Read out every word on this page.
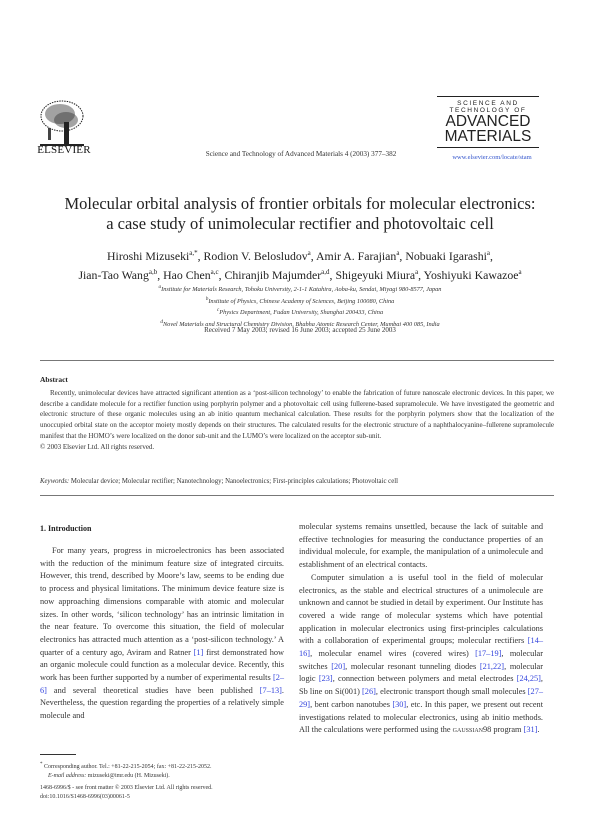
ELSEVIER	Science and Technology of Advanced Materials 4 (2003) 377–382
SCIENCE AND
TECHNOLOGY OF
ADVANCED
MATERIALS
www.elsevier.com/locate/stam
Molecular orbital analysis of frontier orbitals for molecular electronics:
a case study of unimolecular rectifier and photovoltaic cell
Hiroshi Mizuseki$^{a,*}$, Rodion V. Belosludov$^a$, Amir A. Farajian$^a$, Nobuaki Igarashi$^a$,
Jian-Tao Wang$^{a,b}$, Hao Chen$^{a,c}$, Chiranjib Majumder$^{a,d}$, Shigeyuki Miura$^a$, Yoshiyuki Kawazoe$^a$
$^a$Institute for Materials Research, Tohoku University, 2-1-1 Katahira, Aoba-ku, Sendai, Miyagi 980-8577, Japan
$^b$Institute of Physics, Chinese Academy of Sciences, Beijing 100080, China
$^c$Physics Department, Fudan University, Shanghai 200433, China
$^d$Novel Materials and Structural Chemistry Division, Bhabha Atomic Research Center, Mumbai 400 085, India
Received 7 May 2003; revised 16 June 2003; accepted 25 June 2003
Abstract
Recently, unimolecular devices have attracted significant attention as a ‘post-silicon technology’ to enable the fabrication of future nanoscale electronic devices. In this paper, we describe a candidate molecule for a rectifier function using porphyrin polymer and a photovoltaic cell using fullerene-based supramolecule. We have investigated the geometric and electronic structure of these organic molecules using an ab initio quantum mechanical calculation. These results for the porphyrin polymers show that the localization of the unoccupied orbital state on the acceptor moiety mostly depends on their structures. The calculated results for the electronic structure of a naphthalocyanine–fullerene supramolecule manifest that the HOMO’s were localized on the donor sub-unit and the LUMO’s were localized on the acceptor sub-unit.
© 2003 Elsevier Ltd. All rights reserved.
Keywords: Molecular device; Molecular rectifier; Nanotechnology; Nanoelectronics; First-principles calculations; Photovoltaic cell
1. Introduction
For many years, progress in microelectronics has been associated with the reduction of the minimum feature size of integrated circuits. However, this trend, described by Moore’s law, seems to be ending due to process and physical limitations. The minimum device feature size is now approaching dimensions comparable with atomic and molecular sizes. In other words, ‘silicon technology’ has an intrinsic limitation in the near feature. To overcome this situation, the field of molecular electronics has attracted much attention as a ‘post-silicon technology.’ A quarter of a century ago, Aviram and Ratner [1] first demonstrated how an organic molecule could function as a molecular device. Recently, this work has been further supported by a number of experimental results [2–6] and several theoretical studies have been published [7–13]. Nevertheless, the question regarding the properties of a relatively simple molecule and
molecular systems remains unsettled, because the lack of suitable and effective technologies for measuring the conductance properties of an individual molecule, for example, the manipulation of a unimolecule and establishment of an electrical contacts.
Computer simulation a is useful tool in the field of molecular electronics, as the stable and electrical structures of a unimolecule are unknown and cannot be studied in detail by experiment. Our Institute has covered a wide range of molecular systems which have potential application in molecular electronics using first-principles calculations with a collaboration of experimental groups; molecular rectifiers [14–16], molecular enamel wires (covered wires) [17–19], molecular switches [20], molecular resonant tunneling diodes [21,22], molecular logic [23], connection between polymers and metal electrodes [24,25], Sb line on Si(001) [26], electronic transport though small molecules [27–29], bent carbon nanotubes [30], etc. In this paper, we present out recent investigations related to molecular electronics, using ab initio methods. All the calculations were performed using the gaussian98 program [31].
* Corresponding author. Tel.: +81-22-215-2054; fax: +81-22-215-2052.
E-mail address: mizuseki@imr.edu (H. Mizuseki).
1468-6996/$ - see front matter © 2003 Elsevier Ltd. All rights reserved.
doi:10.1016/S1468-6996(03)00061-5
